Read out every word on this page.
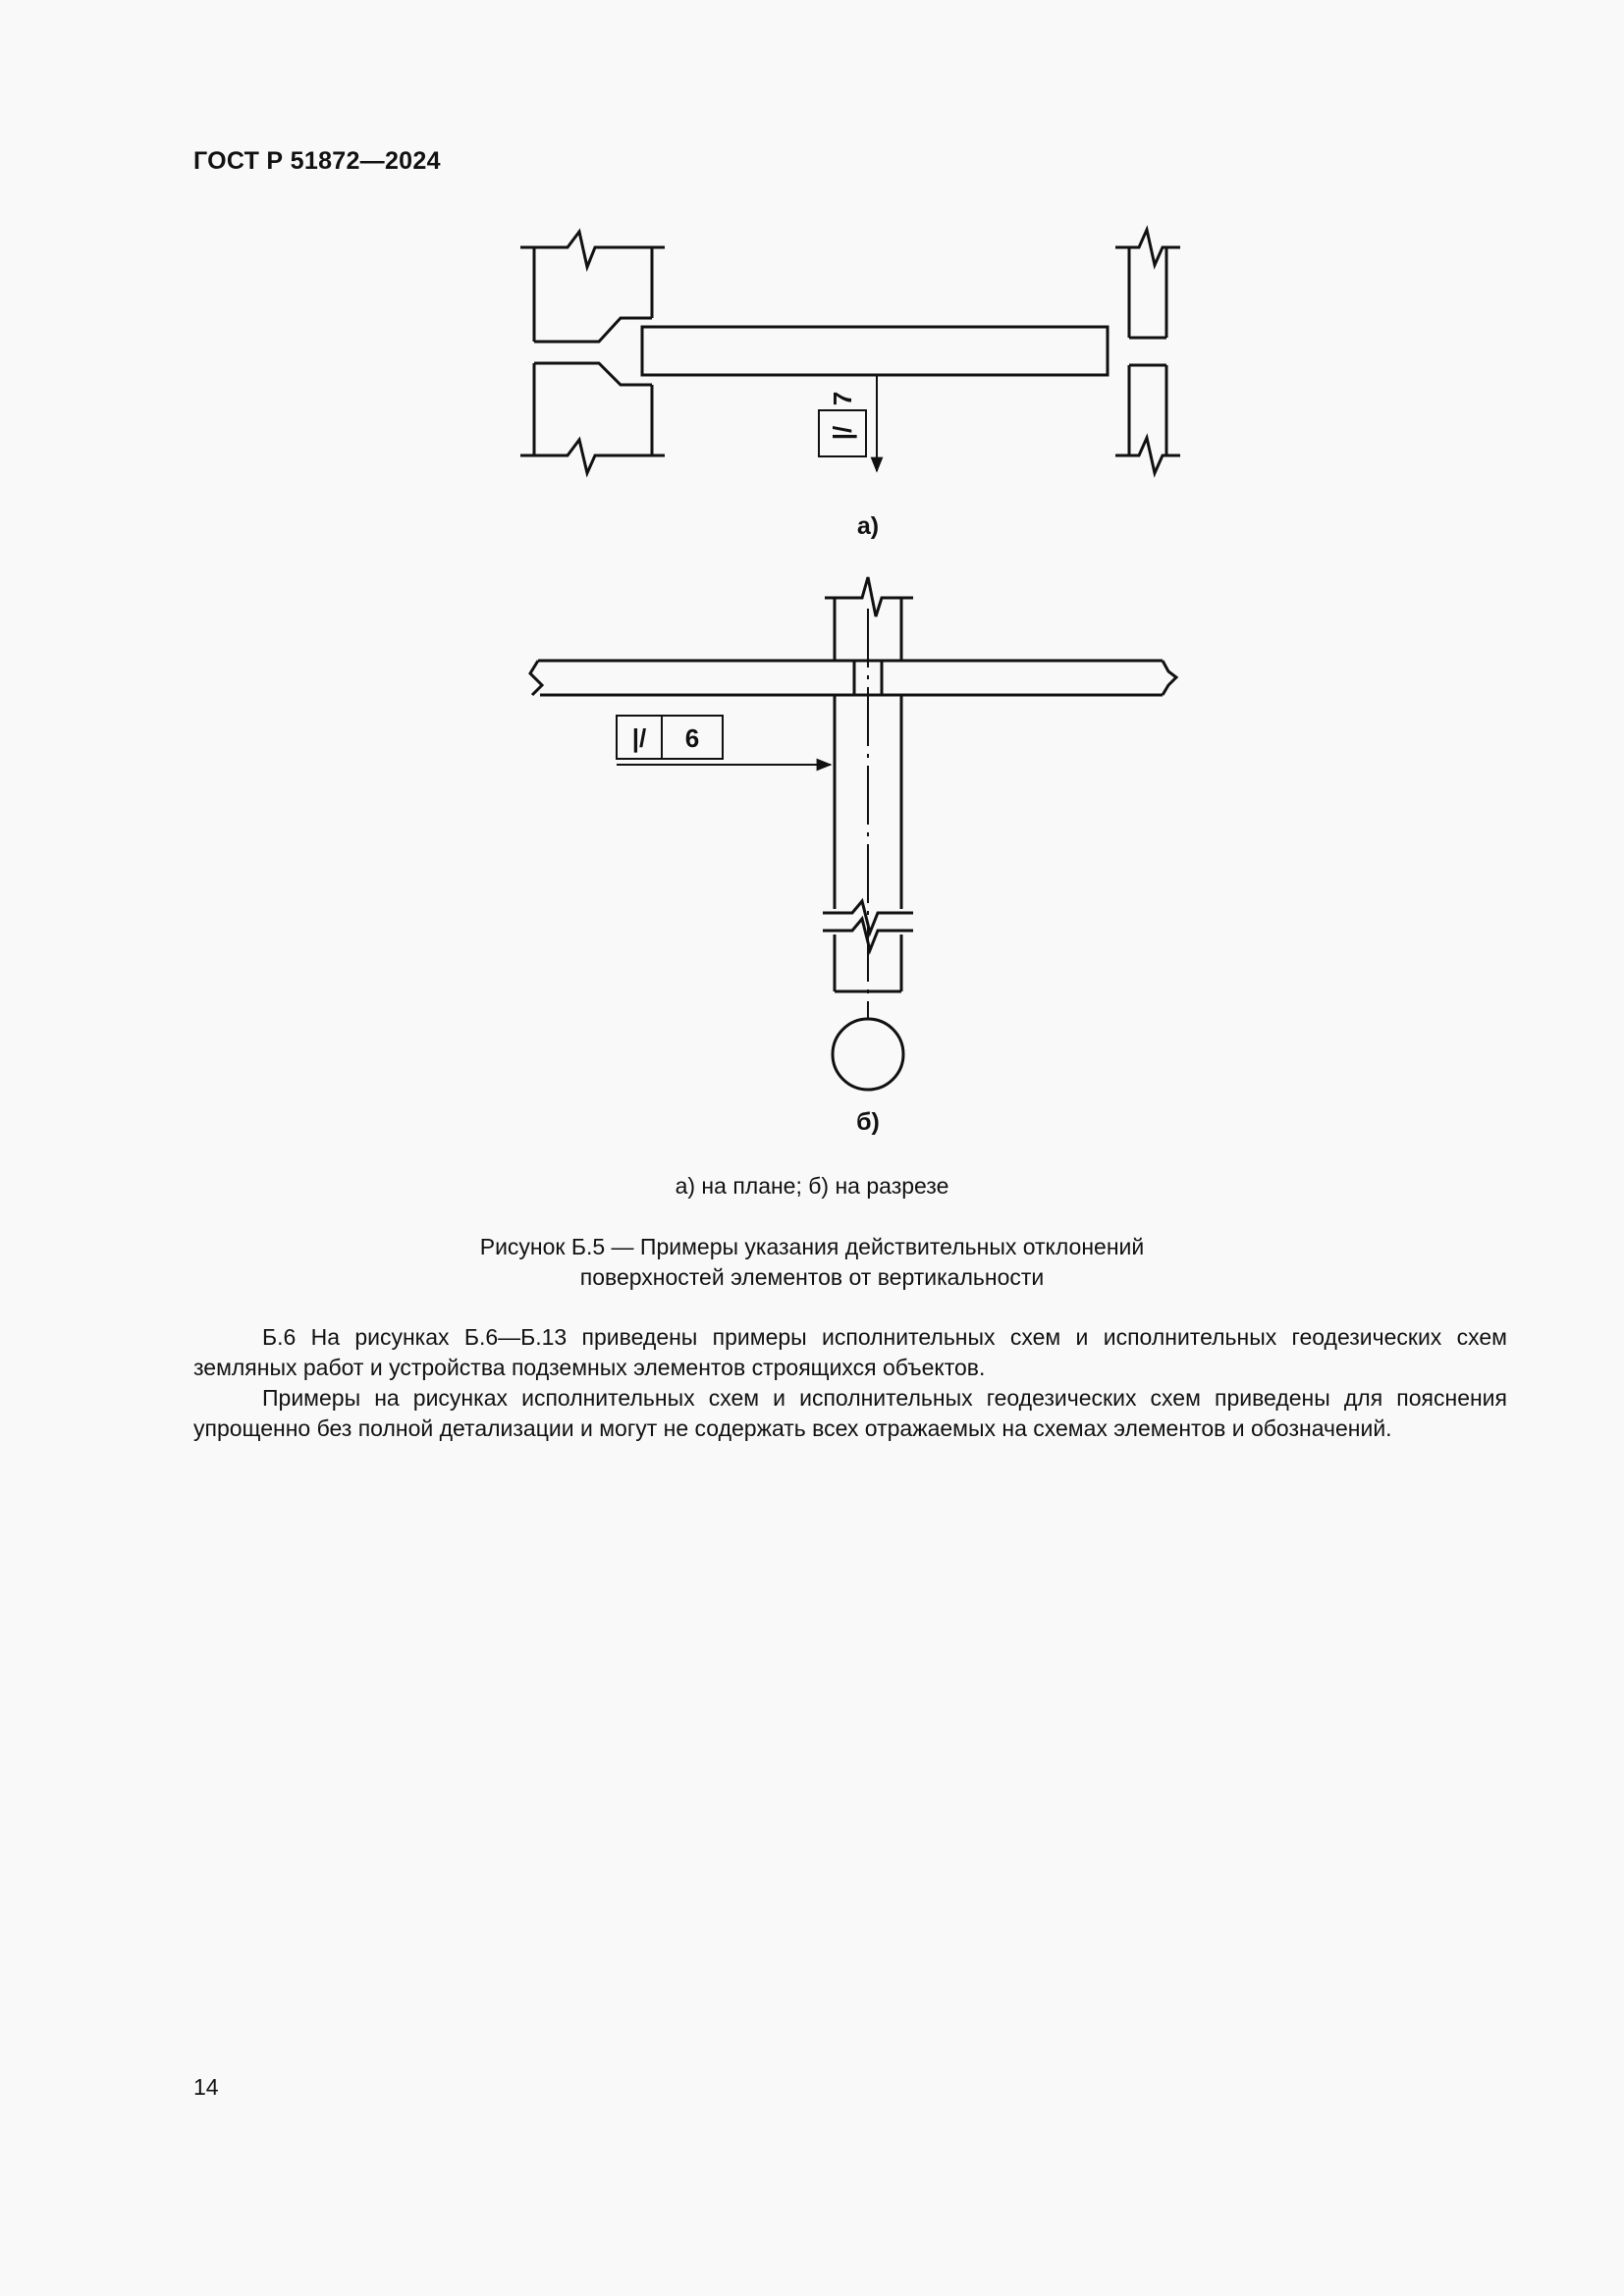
ГОСТ Р 51872—2024
|/
7
|/ 6
а)
б)
а) на плане; б) на разрезе
Рисунок Б.5 — Примеры указания действительных отклонений
поверхностей элементов от вертикальности

Б.6 На рисунках Б.6—Б.13 приведены примеры исполнительных схем и исполнительных геодезических схем земляных работ и устройства подземных элементов строящихся объектов.

Примеры на рисунках исполнительных схем и исполнительных геодезических схем приведены для пояснения упрощенно без полной детализации и могут не содержать всех отражаемых на схемах элементов и обозначений.

14
